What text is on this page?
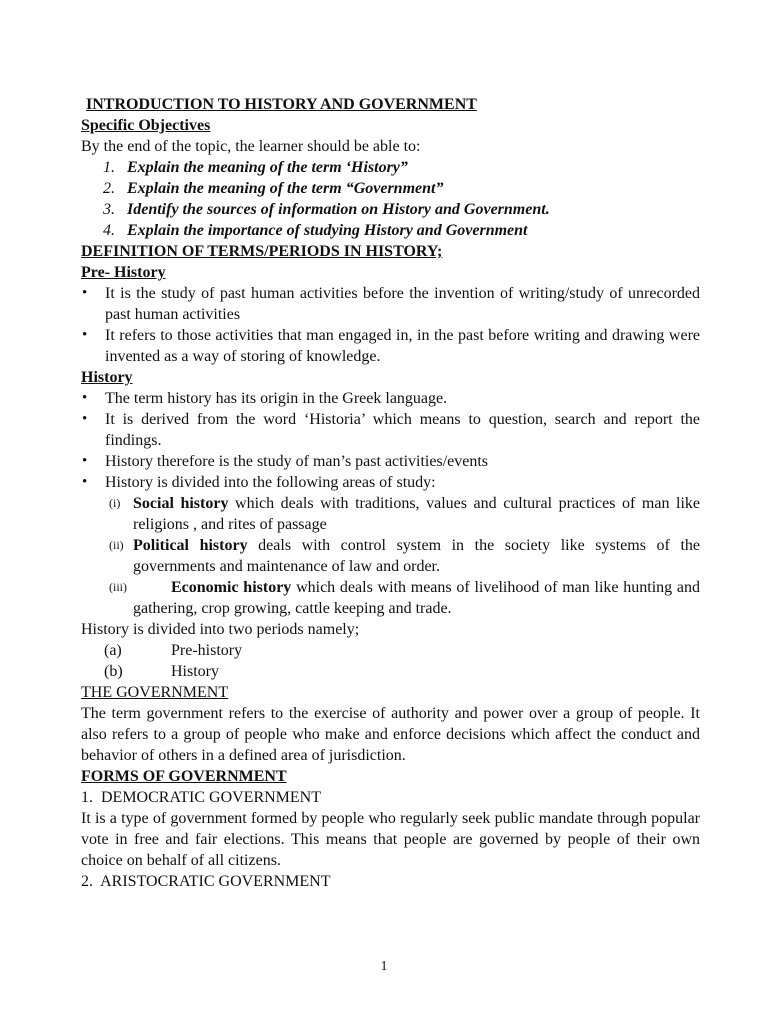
INTRODUCTION TO HISTORY AND GOVERNMENT

Specific Objectives

By the end of the topic, the learner should be able to:

1. Explain the meaning of the term ‘History”
2. Explain the meaning of the term “Government”
3. Identify the sources of information on History and Government.
4. Explain the importance of studying History and Government

DEFINITION OF TERMS/PERIODS IN HISTORY;

Pre- History

• It is the study of past human activities before the invention of writing/study of unrecorded past human activities
• It refers to those activities that man engaged in, in the past before writing and drawing were invented as a way of storing of knowledge.

History

• The term history has its origin in the Greek language.
• It is derived from the word ‘Historia’ which means to question, search and report the findings.
• History therefore is the study of man’s past activities/events
• History is divided into the following areas of study:
(i) Social history which deals with traditions, values and cultural practices of man like religions , and rites of passage
(ii) Political history deals with control system in the society like systems of the governments and maintenance of law and order.
(iii)	Economic history which deals with means of livelihood of man like hunting and gathering, crop growing, cattle keeping and trade.

History is divided into two periods namely;

(a)	Pre-history
(b)	History

THE GOVERNMENT

The term government refers to the exercise of authority and power over a group of people. It also refers to a group of people who make and enforce decisions which affect the conduct and behavior of others in a defined area of jurisdiction.

FORMS OF GOVERNMENT

1.  DEMOCRATIC GOVERNMENT

It is a type of government formed by people who regularly seek public mandate through popular vote in free and fair elections. This means that people are governed by people of their own choice on behalf of all citizens.

2.  ARISTOCRATIC GOVERNMENT

1
